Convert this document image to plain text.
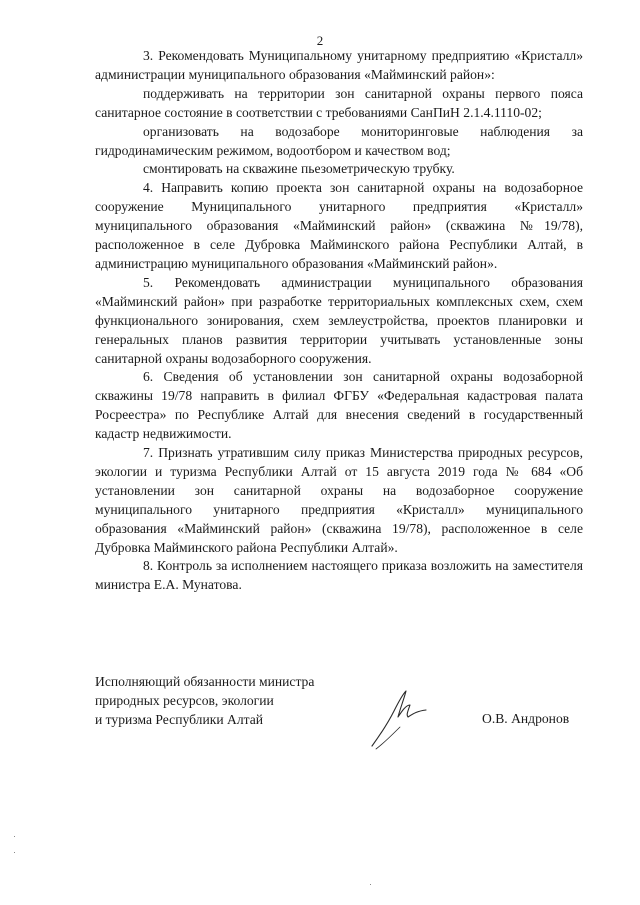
2

3. Рекомендовать Муниципальному унитарному предприятию «Кристалл» администрации муниципального образования «Майминский район»:

поддерживать на территории зон санитарной охраны первого пояса санитарное состояние в соответствии с требованиями СанПиН 2.1.4.1110-02;

организовать на водозаборе мониторинговые наблюдения за гидродинамическим режимом, водоотбором и качеством вод;

смонтировать на скважине пьезометрическую трубку.

4. Направить копию проекта зон санитарной охраны на водозаборное сооружение Муниципального унитарного предприятия «Кристалл» муниципального образования «Майминский район» (скважина №19/78), расположенное в селе Дубровка Майминского района Республики Алтай, в администрацию муниципального образования «Майминский район».

5. Рекомендовать администрации муниципального образования «Майминский район» при разработке территориальных комплексных схем, схем функционального зонирования, схем землеустройства, проектов планировки и генеральных планов развития территории учитывать установленные зоны санитарной охраны водозаборного сооружения.

6. Сведения об установлении зон санитарной охраны водозаборной скважины 19/78 направить в филиал ФГБУ «Федеральная кадастровая палата Росреестра» по Республике Алтай для внесения сведений в государственный кадастр недвижимости.

7. Признать утратившим силу приказ Министерства природных ресурсов, экологии и туризма Республики Алтай от 15 августа 2019 года № 684 «Об установлении зон санитарной охраны на водозаборное сооружение муниципального унитарного предприятия «Кристалл» муниципального образования «Майминский район» (скважина 19/78), расположенное в селе Дубровка Майминского района Республики Алтай».

8. Контроль за исполнением настоящего приказа возложить на заместителя министра Е.А. Мунатова.

Исполняющий обязанности министра
природных ресурсов, экологии
и туризма Республики Алтай	О.В. Андронов
